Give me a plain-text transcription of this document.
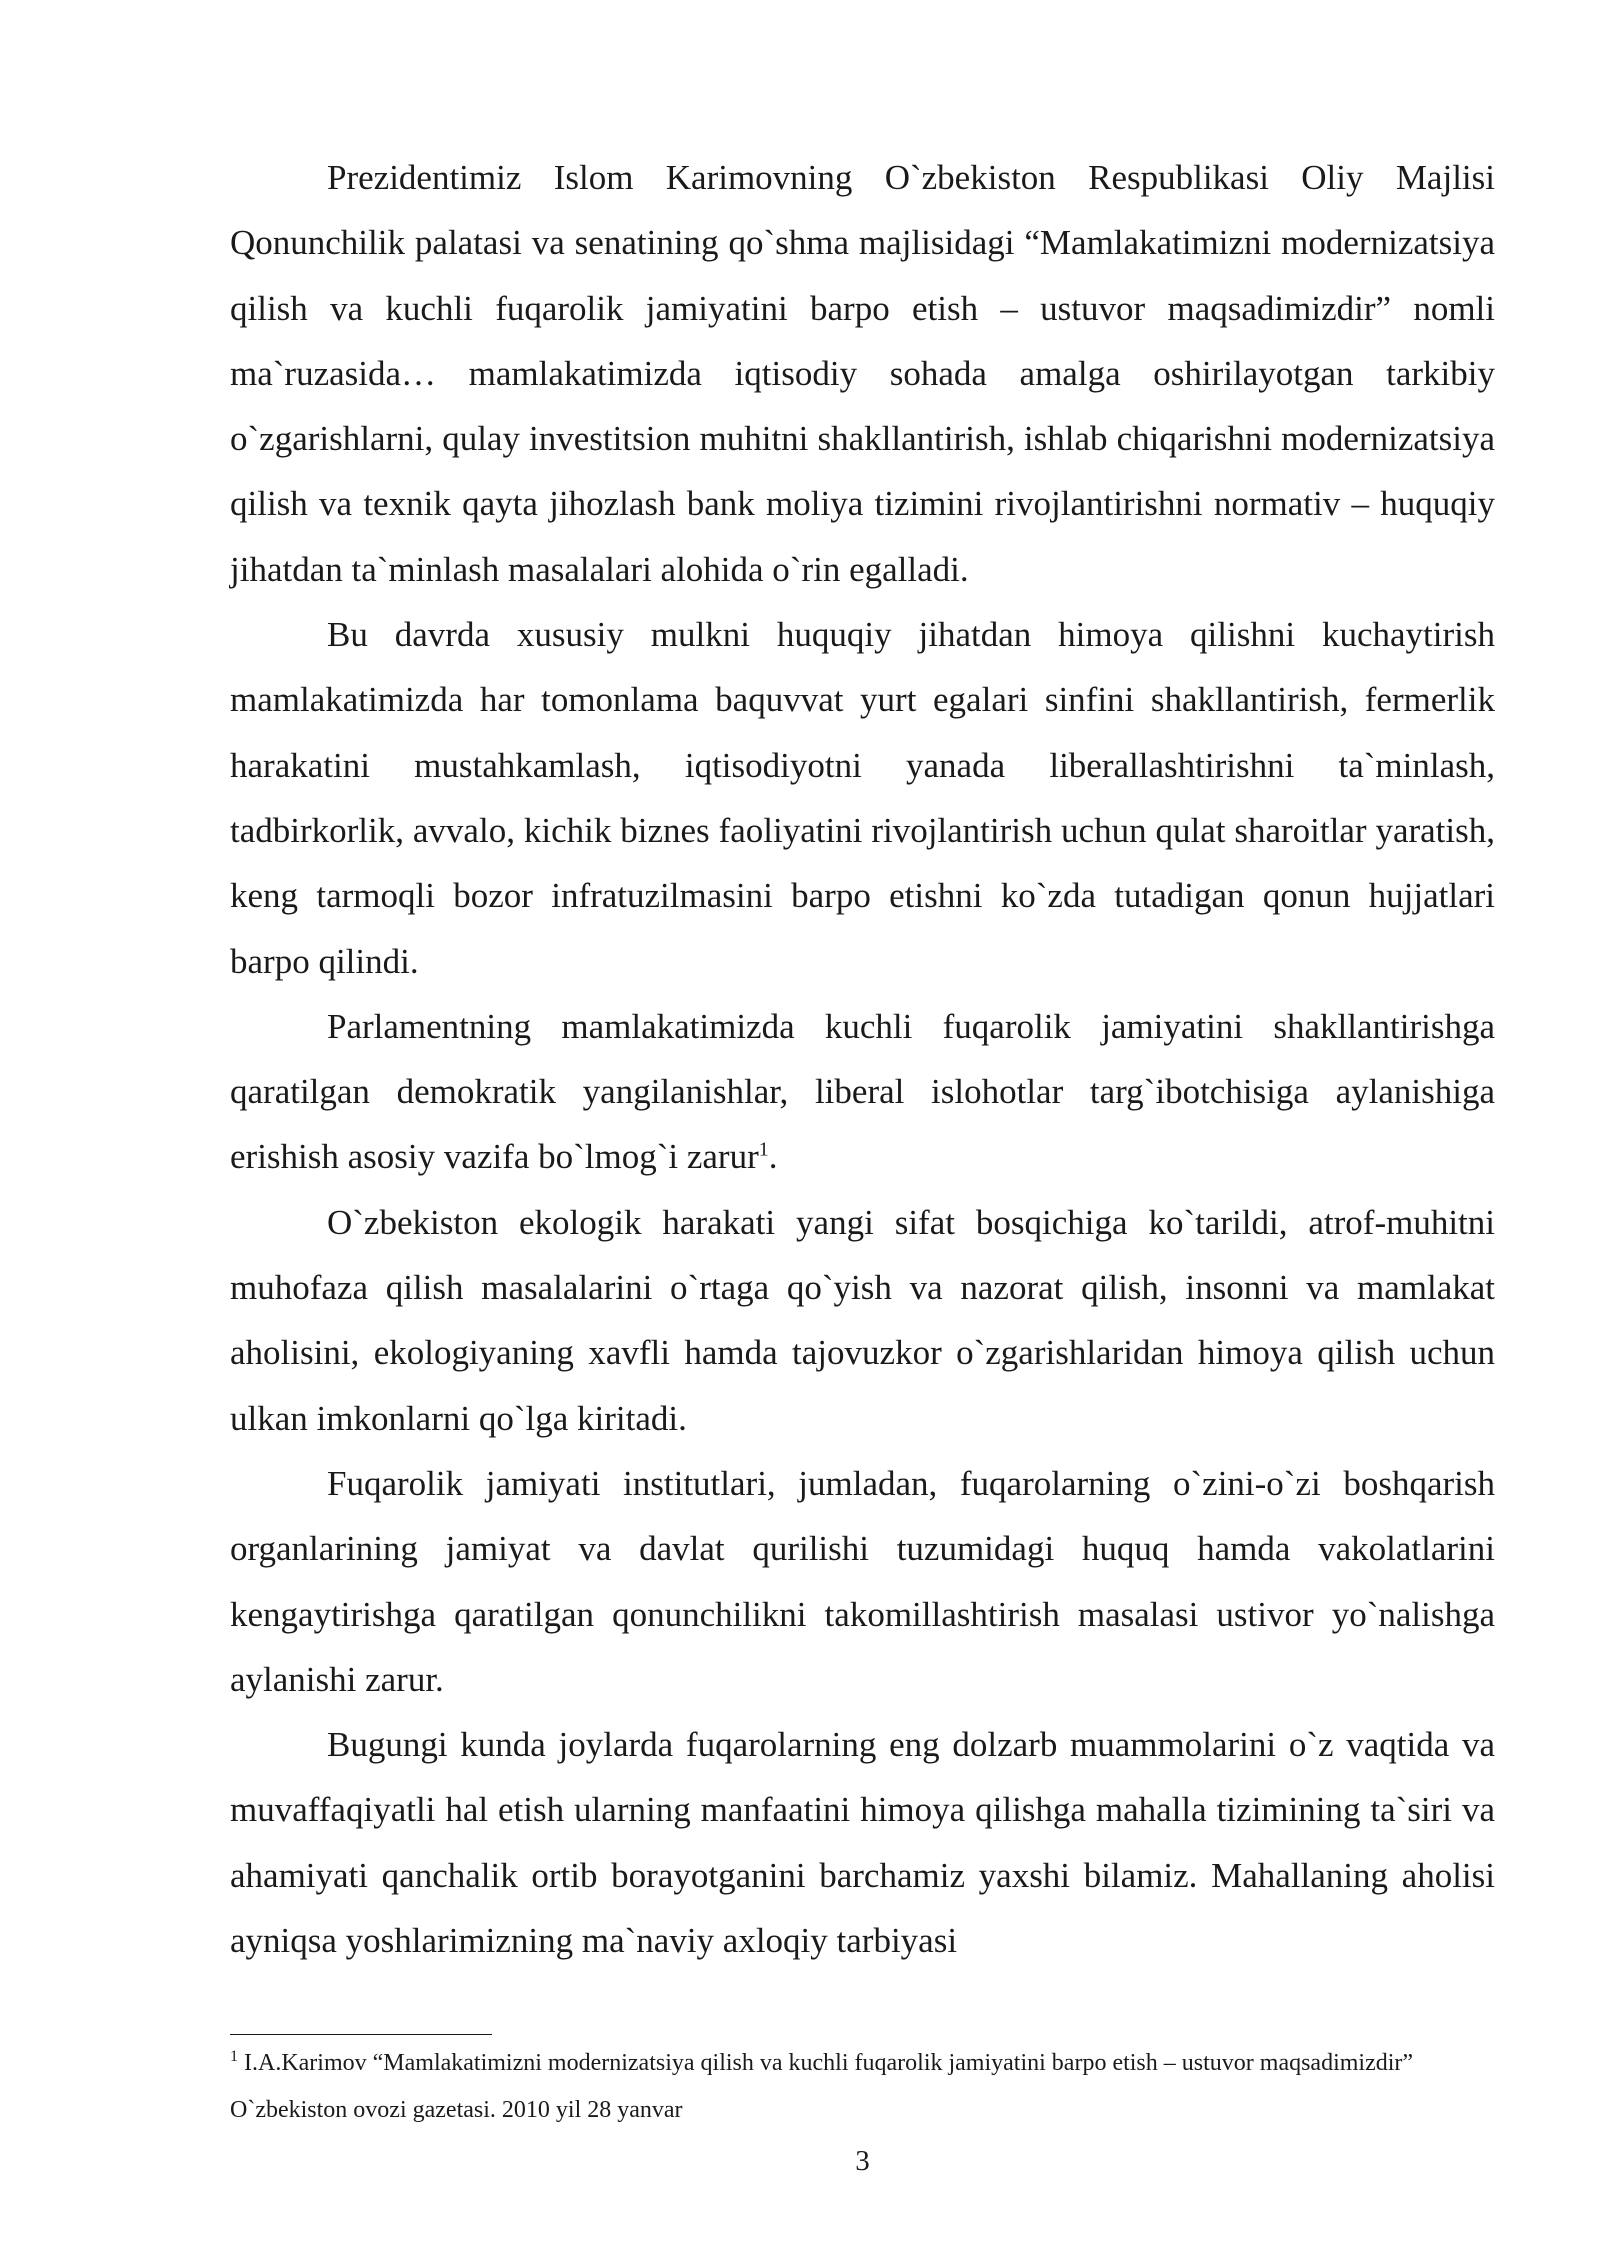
Prezidentimiz Islom Karimovning O`zbekiston Respublikasi Oliy Majlisi Qonunchilik palatasi va senatining qo`shma majlisidagi “Mamlakatimizni modernizatsiya qilish va kuchli fuqarolik jamiyatini barpo etish – ustuvor maqsadimizdir” nomli ma`ruzasida… mamlakatimizda iqtisodiy sohada amalga oshirilayotgan tarkibiy o`zgarishlarni, qulay investitsion muhitni shakllantirish, ishlab chiqarishni modernizatsiya qilish va texnik qayta jihozlash bank moliya tizimini rivojlantirishni normativ – huquqiy jihatdan ta`minlash masalalari alohida o`rin egalladi.

Bu davrda xususiy mulkni huquqiy jihatdan himoya qilishni kuchaytirish mamlakatimizda har tomonlama baquvvat yurt egalari sinfini shakllantirish, fermerlik harakatini mustahkamlash, iqtisodiyotni yanada liberallashtirishni ta`minlash, tadbirkorlik, avvalo, kichik biznes faoliyatini rivojlantirish uchun qulat sharoitlar yaratish, keng tarmoqli bozor infratuzilmasini barpo etishni ko`zda tutadigan qonun hujjatlari barpo qilindi.

Parlamentning mamlakatimizda kuchli fuqarolik jamiyatini shakllantirishga qaratilgan demokratik yangilanishlar, liberal islohotlar targ`ibotchisiga aylanishiga erishish asosiy vazifa bo`lmog`i zarur$^1$.

O`zbekiston ekologik harakati yangi sifat bosqichiga ko`tarildi, atrof-muhitni muhofaza qilish masalalarini o`rtaga qo`yish va nazorat qilish, insonni va mamlakat aholisini, ekologiyaning xavfli hamda tajovuzkor o`zgarishlaridan himoya qilish uchun ulkan imkonlarni qo`lga kiritadi.

Fuqarolik jamiyati institutlari, jumladan, fuqarolarning o`zini-o`zi boshqarish organlarining jamiyat va davlat qurilishi tuzumidagi huquq hamda vakolatlarini kengaytirishga qaratilgan qonunchilikni takomillashtirish masalasi ustivor yo`nalishga aylanishi zarur.

Bugungi kunda joylarda fuqarolarning eng dolzarb muammolarini o`z vaqtida va muvaffaqiyatli hal etish ularning manfaatini himoya qilishga mahalla tizimining ta`siri va ahamiyati qanchalik ortib borayotganini barchamiz yaxshi bilamiz. Mahallaning aholisi ayniqsa yoshlarimizning ma`naviy axloqiy tarbiyasi

$^1$ I.A.Karimov “Mamlakatimizni modernizatsiya qilish va kuchli fuqarolik jamiyatini barpo etish – ustuvor maqsadimizdir” O`zbekiston ovozi gazetasi. 2010 yil 28 yanvar

3
